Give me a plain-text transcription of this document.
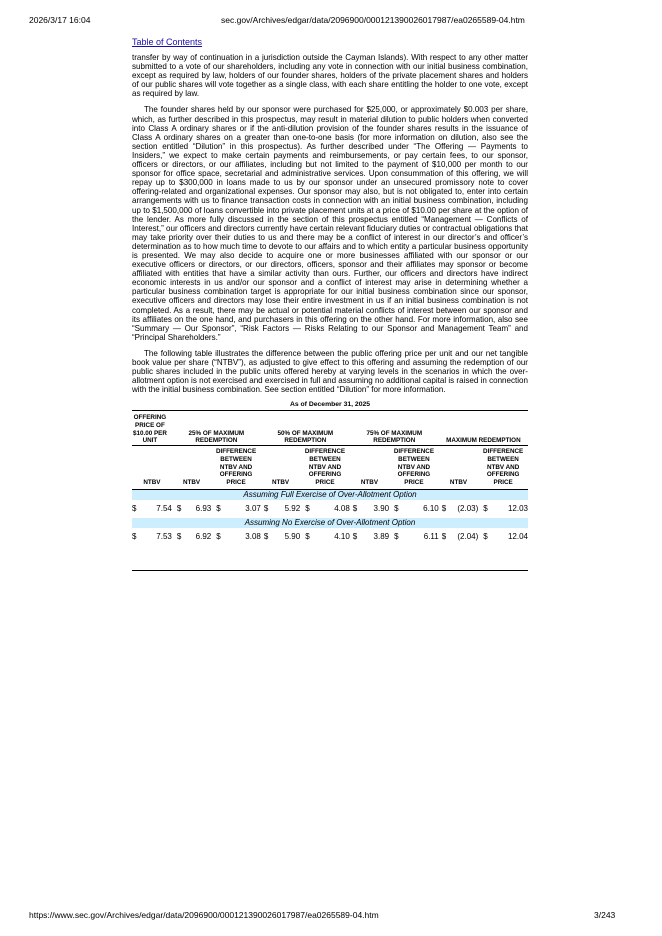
2026/3/17 16:04	sec.gov/Archives/edgar/data/2096900/000121390026017987/ea0265589-04.htm
Table of Contents

transfer by way of continuation in a jurisdiction outside the Cayman Islands). With respect to any other matter submitted to a vote of our shareholders, including any vote in connection with our initial business combination, except as required by law, holders of our founder shares, holders of the private placement shares and holders of our public shares will vote together as a single class, with each share entitling the holder to one vote, except as required by law.

The founder shares held by our sponsor were purchased for $25,000, or approximately $0.003 per share, which, as further described in this prospectus, may result in material dilution to public holders when converted into Class A ordinary shares or if the anti-dilution provision of the founder shares results in the issuance of Class A ordinary shares on a greater than one-to-one basis (for more information on dilution, also see the section entitled “Dilution” in this prospectus). As further described under “The Offering — Payments to Insiders,” we expect to make certain payments and reimbursements, or pay certain fees, to our sponsor, officers or directors, or our affiliates, including but not limited to the payment of $10,000 per month to our sponsor for office space, secretarial and administrative services. Upon consummation of this offering, we will repay up to $300,000 in loans made to us by our sponsor under an unsecured promissory note to cover offering-related and organizational expenses. Our sponsor may also, but is not obligated to, enter into certain arrangements with us to finance transaction costs in connection with an initial business combination, including up to $1,500,000 of loans convertible into private placement units at a price of $10.00 per share at the option of the lender. As more fully discussed in the section of this prospectus entitled “Management — Conflicts of Interest,” our officers and directors currently have certain relevant fiduciary duties or contractual obligations that may take priority over their duties to us and there may be a conflict of interest in our director’s and officer’s determination as to how much time to devote to our affairs and to which entity a particular business opportunity is presented. We may also decide to acquire one or more businesses affiliated with our sponsor or our executive officers or directors, or our directors, officers, sponsor and their affiliates may sponsor or become affiliated with entities that have a similar activity than ours. Further, our officers and directors have indirect economic interests in us and/or our sponsor and a conflict of interest may arise in determining whether a particular business combination target is appropriate for our initial business combination since our sponsor, executive officers and directors may lose their entire investment in us if an initial business combination is not completed. As a result, there may be actual or potential material conflicts of interest between our sponsor and its affiliates on the one hand, and purchasers in this offering on the other hand. For more information, also see “Summary — Our Sponsor”, “Risk Factors — Risks Relating to our Sponsor and Management Team” and “Principal Shareholders.”

The following table illustrates the difference between the public offering price per unit and our net tangible book value per share (“NTBV”), as adjusted to give effect to this offering and assuming the redemption of our public shares included in the public units offered hereby at varying levels in the scenarios in which the over-allotment option is not exercised and exercised in full and assuming no additional capital is raised in connection with the initial business combination. See section entitled “Dilution” for more information.

As of December 31, 2025

OFFERING PRICE OF $10.00 PER UNIT		25% OF MAXIMUM REDEMPTION				50% OF MAXIMUM REDEMPTION				75% OF MAXIMUM REDEMPTION				MAXIMUM REDEMPTION			
NTBV		NTBV		DIFFERENCE BETWEEN NTBV AND OFFERING PRICE		NTBV		DIFFERENCE BETWEEN NTBV AND OFFERING PRICE		NTBV		DIFFERENCE BETWEEN NTBV AND OFFERING PRICE		NTBV		DIFFERENCE BETWEEN NTBV AND OFFERING PRICE	
Assuming Full Exercise of Over-Allotment Option																	
$	7.54	$	6.93	$	3.07	$	5.92	$	4.08	$	3.90	$	6.10	$	(2.03)	$	12.03
Assuming No Exercise of Over-Allotment Option																	
$	7.53	$	6.92	$	3.08	$	5.90	$	4.10	$	3.89	$	6.11	$	(2.04)	$	12.04

https://www.sec.gov/Archives/edgar/data/2096900/000121390026017987/ea0265589-04.htm	3/243
